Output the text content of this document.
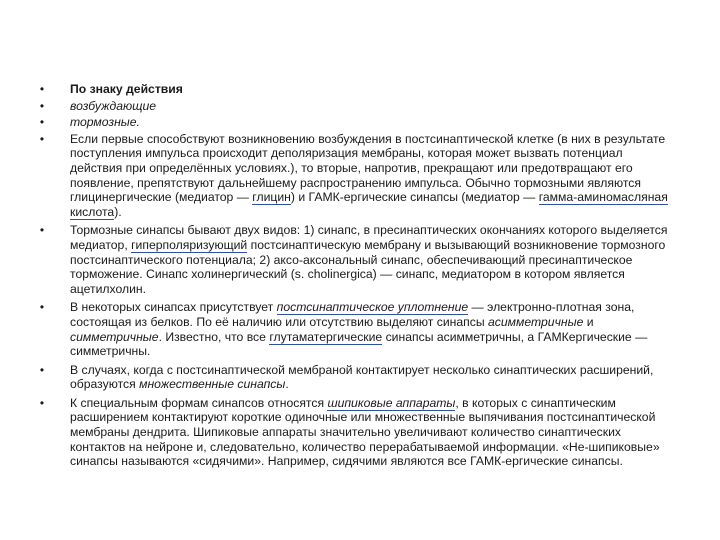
• По знаку действия
• возбуждающие
• тормозные.
• Если первые способствуют возникновению возбуждения в постсинаптической клетке (в них в результате поступления импульса происходит деполяризация мембраны, которая может вызвать потенциал действия при определённых условиях.), то вторые, напротив, прекращают или предотвращают его появление, препятствуют дальнейшему распространению импульса. Обычно тормозными являются глицинергические (медиатор — глицин) и ГАМК-ергические синапсы (медиатор — гамма-аминомасляная кислота).
• Тормозные синапсы бывают двух видов: 1) синапс, в пресинаптических окончаниях которого выделяется медиатор, гиперполяризующий постсинаптическую мембрану и вызывающий возникновение тормозного постсинаптического потенциала; 2) аксо-аксональный синапс, обеспечивающий пресинаптическое торможение. Синапс холинергический (s. cholinergica) — синапс, медиатором в котором является ацетилхолин.
• В некоторых синапсах присутствует постсинаптическое уплотнение — электронно-плотная зона, состоящая из белков. По её наличию или отсутствию выделяют синапсы асимметричные и симметричные. Известно, что все глутаматергические синапсы асимметричны, а ГАМКергические — симметричны.
• В случаях, когда с постсинаптической мембраной контактирует несколько синаптических расширений, образуются множественные синапсы.
• К специальным формам синапсов относятся шипиковые аппараты, в которых с синаптическим расширением контактируют короткие одиночные или множественные выпячивания постсинаптической мембраны дендрита. Шипиковые аппараты значительно увеличивают количество синаптических контактов на нейроне и, следовательно, количество перерабатываемой информации. «Не-шипиковые» синапсы называются «сидячими». Например, сидячими являются все ГАМК-ергические синапсы.
